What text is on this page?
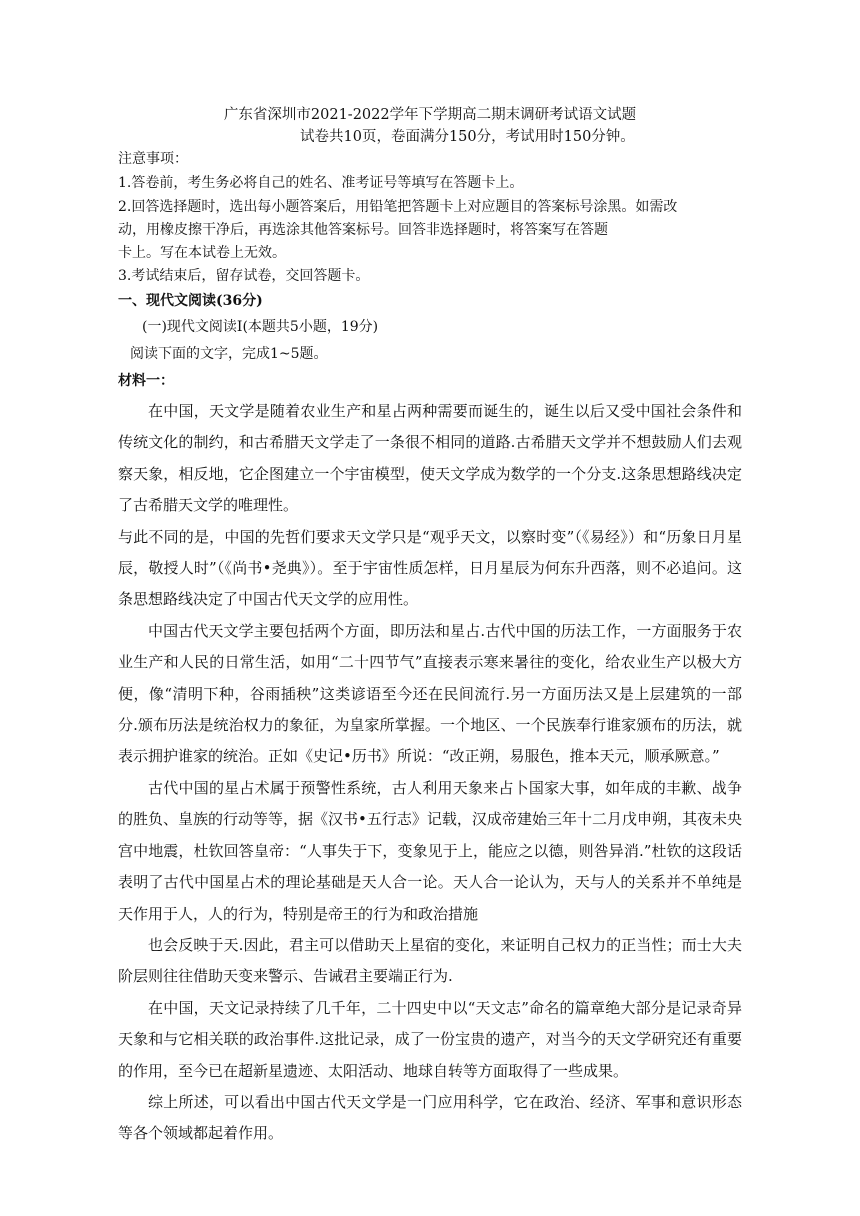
广东省深圳市2021-2022学年下学期高二期末调研考试语文试题
试卷共10页，卷面满分150分，考试用时150分钟。
注意事项：
1.答卷前，考生务必将自己的姓名、准考证号等填写在答题卡上。
2.回答选择题时，选出每小题答案后，用铅笔把答题卡上对应题目的答案标号涂黑。如需改
动，用橡皮擦干净后，再选涂其他答案标号。回答非选择题时，将答案写在答题
卡上。写在本试卷上无效。
3.考试结束后，留存试卷，交回答题卡。
一、现代文阅读(36分)
(一)现代文阅读Ⅰ(本题共5小题，19分)
阅读下面的文字，完成1~5题。
材料一：

在中国，天文学是随着农业生产和星占两种需要而诞生的，诞生以后又受中国社会条件和传统文化的制约，和古希腊天文学走了一条很不相同的道路.古希腊天文学并不想鼓励人们去观察天象，相反地，它企图建立一个宇宙模型，使天文学成为数学的一个分支.这条思想路线决定了古希腊天文学的唯理性。

与此不同的是，中国的先哲们要求天文学只是“观乎天文，以察时变”（《易经》）和“历象日月星辰，敬授人时”（《尚书•尧典》）。至于宇宙性质怎样，日月星辰为何东升西落，则不必追问。这条思想路线决定了中国古代天文学的应用性。

中国古代天文学主要包括两个方面，即历法和星占.古代中国的历法工作，一方面服务于农业生产和人民的日常生活，如用“二十四节气”直接表示寒来暑往的变化，给农业生产以极大方便，像“清明下种，谷雨插秧”这类谚语至今还在民间流行.另一方面历法又是上层建筑的一部分.颁布历法是统治权力的象征，为皇家所掌握。一个地区、一个民族奉行谁家颁布的历法，就表示拥护谁家的统治。正如《史记•历书》所说：“改正朔，易服色，推本天元，顺承厥意。”

古代中国的星占术属于预警性系统，古人利用天象来占卜国家大事，如年成的丰歉、战争的胜负、皇族的行动等等，据《汉书•五行志》记载，汉成帝建始三年十二月戊申朔，其夜未央宫中地震，杜钦回答皇帝：“人事失于下，变象见于上，能应之以德，则咎异消.”杜钦的这段话表明了古代中国星占术的理论基础是天人合一论。天人合一论认为，天与人的关系并不单纯是天作用于人，人的行为，特别是帝王的行为和政治措施

也会反映于天.因此，君主可以借助天上星宿的变化，来证明自己权力的正当性；而士大夫阶层则往往借助天变来警示、告诫君主要端正行为.

在中国，天文记录持续了几千年，二十四史中以“天文志”命名的篇章绝大部分是记录奇异天象和与它相关联的政治事件.这批记录，成了一份宝贵的遗产，对当今的天文学研究还有重要的作用，至今已在超新星遗迹、太阳活动、地球自转等方面取得了一些成果。

综上所述，可以看出中国古代天文学是一门应用科学，它在政治、经济、军事和意识形态等各个领域都起着作用。
